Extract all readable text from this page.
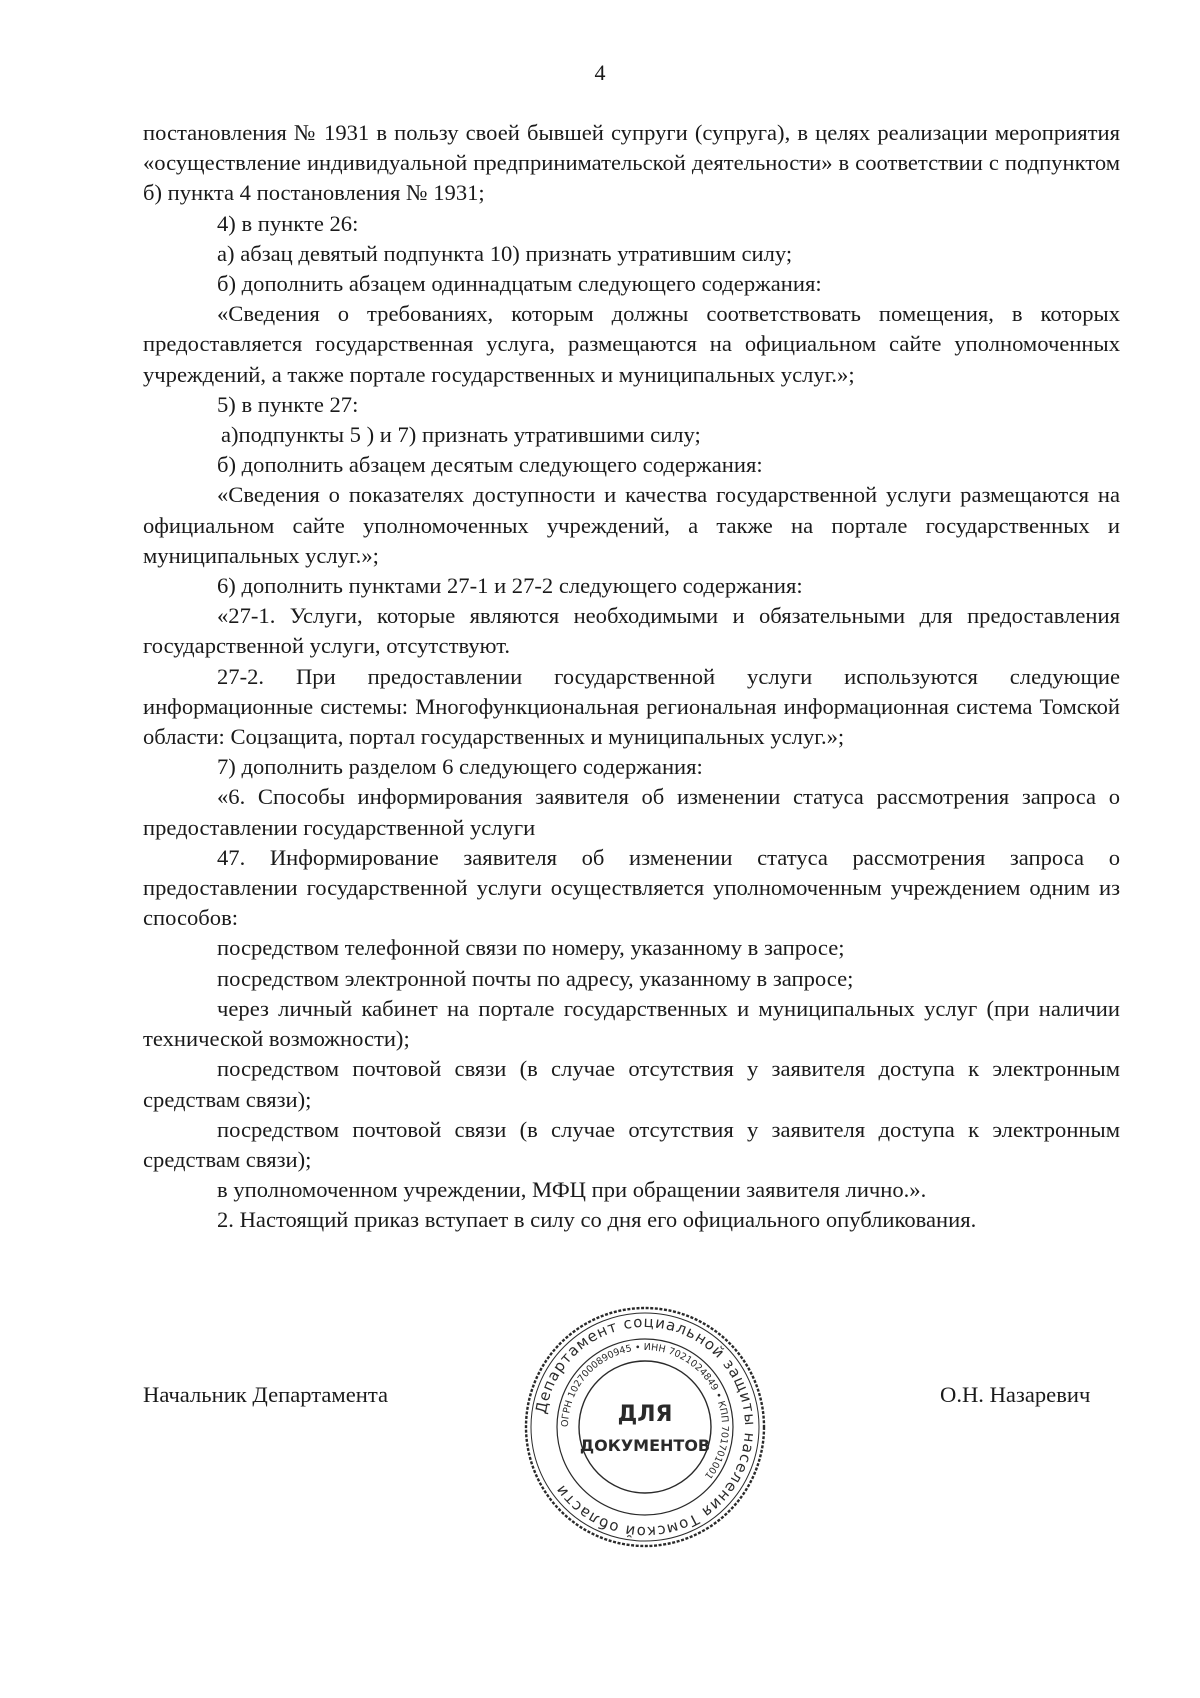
4

постановления № 1931 в пользу своей бывшей супруги (супруга), в целях реализации мероприятия «осуществление индивидуальной предпринимательской деятельности» в соответствии с подпунктом б) пункта 4 постановления № 1931;

4) в пункте 26:

а) абзац девятый подпункта 10) признать утратившим силу;

б) дополнить абзацем одиннадцатым следующего содержания:

«Сведения о требованиях, которым должны соответствовать помещения, в которых предоставляется государственная услуга, размещаются на официальном сайте уполномоченных учреждений, а также портале государственных и муниципальных услуг.»;

5) в пункте 27:

а)подпункты 5 ) и 7) признать утратившими силу;

б) дополнить абзацем десятым следующего содержания:

«Сведения о показателях доступности и качества государственной услуги размещаются на официальном сайте уполномоченных учреждений, а также на портале государственных и муниципальных услуг.»;

6) дополнить пунктами 27-1 и 27-2 следующего содержания:

«27-1. Услуги, которые являются необходимыми и обязательными для предоставления государственной услуги, отсутствуют.

27-2. При предоставлении государственной услуги используются следующие информационные системы: Многофункциональная региональная информационная система Томской области: Соцзащита, портал государственных и муниципальных услуг.»;

7) дополнить разделом 6 следующего содержания:

«6. Способы информирования заявителя об изменении статуса рассмотрения запроса о предоставлении государственной услуги

47. Информирование заявителя об изменении статуса рассмотрения запроса о предоставлении государственной услуги осуществляется уполномоченным учреждением одним из способов:

посредством телефонной связи по номеру, указанному в запросе;

посредством электронной почты по адресу, указанному в запросе;

через личный кабинет на портале государственных и муниципальных услуг (при наличии технической возможности);

посредством почтовой связи (в случае отсутствия у заявителя доступа к электронным средствам связи);

посредством почтовой связи (в случае отсутствия у заявителя доступа к электронным средствам связи);

в уполномоченном учреждении, МФЦ при обращении заявителя лично.».

2. Настоящий приказ вступает в силу со дня его официального опубликования.

Начальник Департамента
Департамент социальной защиты населения Томской области
ОГРН 1027000890945 • ИНН 7021024849 • КПП 701701001
ДЛЯ
ДОКУМЕНТОВ
О.Н. Назаревич
